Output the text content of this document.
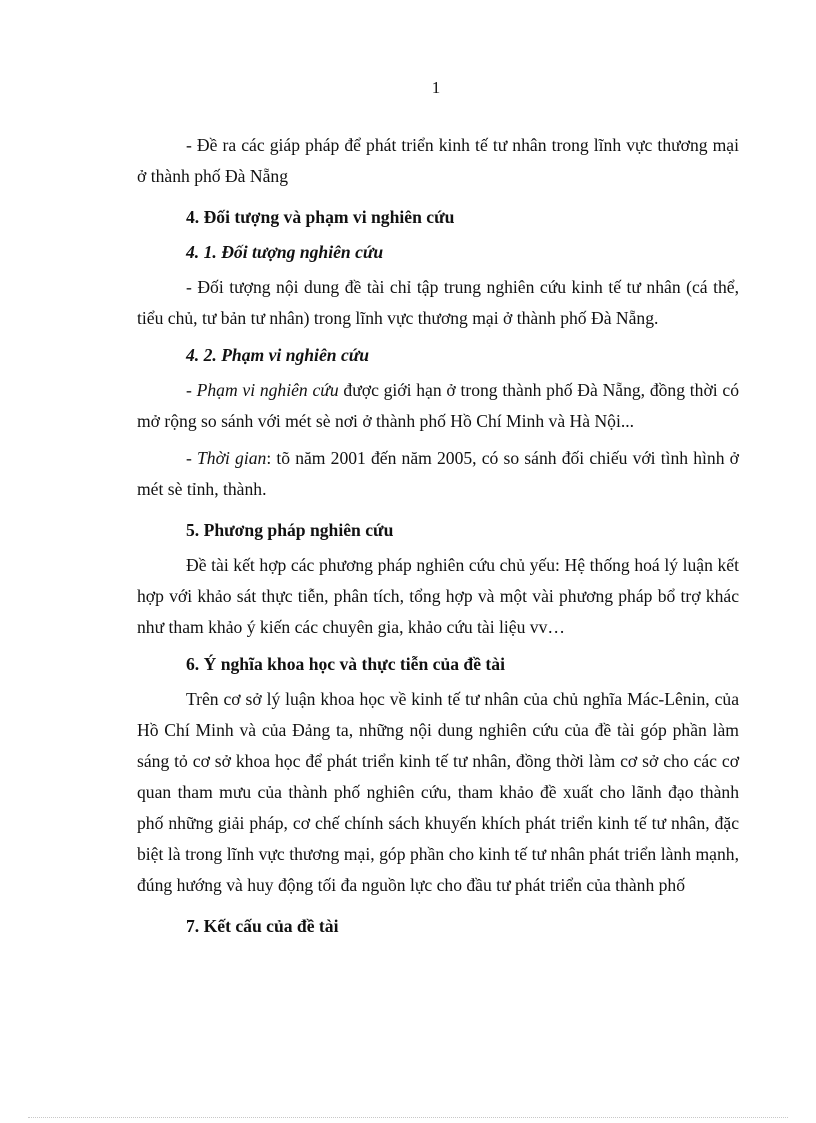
1

- Đề ra các giáp pháp để phát triển kinh tế tư nhân trong lĩnh vực thương mại ở thành phố Đà Nẵng

4. Đối tượng và phạm vi nghiên cứu

4. 1. Đối tượng nghiên cứu

- Đối tượng nội dung đề tài chỉ tập trung nghiên cứu kinh tế tư nhân (cá thể, tiểu chủ, tư bản tư nhân) trong lĩnh vực thương mại ở thành phố Đà Nẵng.

4. 2. Phạm vi nghiên cứu

- Phạm vi nghiên cứu được giới hạn ở trong thành phố Đà Nẵng, đồng thời có mở rộng so sánh với mét sè nơi ở thành phố Hồ Chí Minh và Hà Nội...

- Thời gian: tõ năm 2001 đến năm 2005, có so sánh đối chiếu với tình hình ở mét sè tỉnh, thành.

5. Phương pháp nghiên cứu

Đề tài kết hợp các phương pháp nghiên cứu chủ yếu: Hệ thống hoá lý luận kết hợp với khảo sát thực tiễn, phân tích, tổng hợp và một vài phương pháp bổ trợ khác như tham khảo ý kiến các chuyên gia, khảo cứu tài liệu vv…

6. Ý nghĩa khoa học và thực tiễn của đề tài

Trên cơ sở lý luận khoa học về kinh tế tư nhân của chủ nghĩa Mác-Lênin, của Hồ Chí Minh và của Đảng ta, những nội dung nghiên cứu của đề tài góp phần làm sáng tỏ cơ sở khoa học để phát triển kinh tế tư nhân, đồng thời làm cơ sở cho các cơ quan tham mưu của thành phố nghiên cứu, tham khảo đề xuất cho lãnh đạo thành phố những giải pháp, cơ chế chính sách khuyến khích phát triển kinh tế tư nhân, đặc biệt là trong lĩnh vực thương mại, góp phần cho kinh tế tư nhân phát triển lành mạnh, đúng hướng và huy động tối đa nguồn lực cho đầu tư phát triển của thành phố

7. Kết cấu của đề tài
